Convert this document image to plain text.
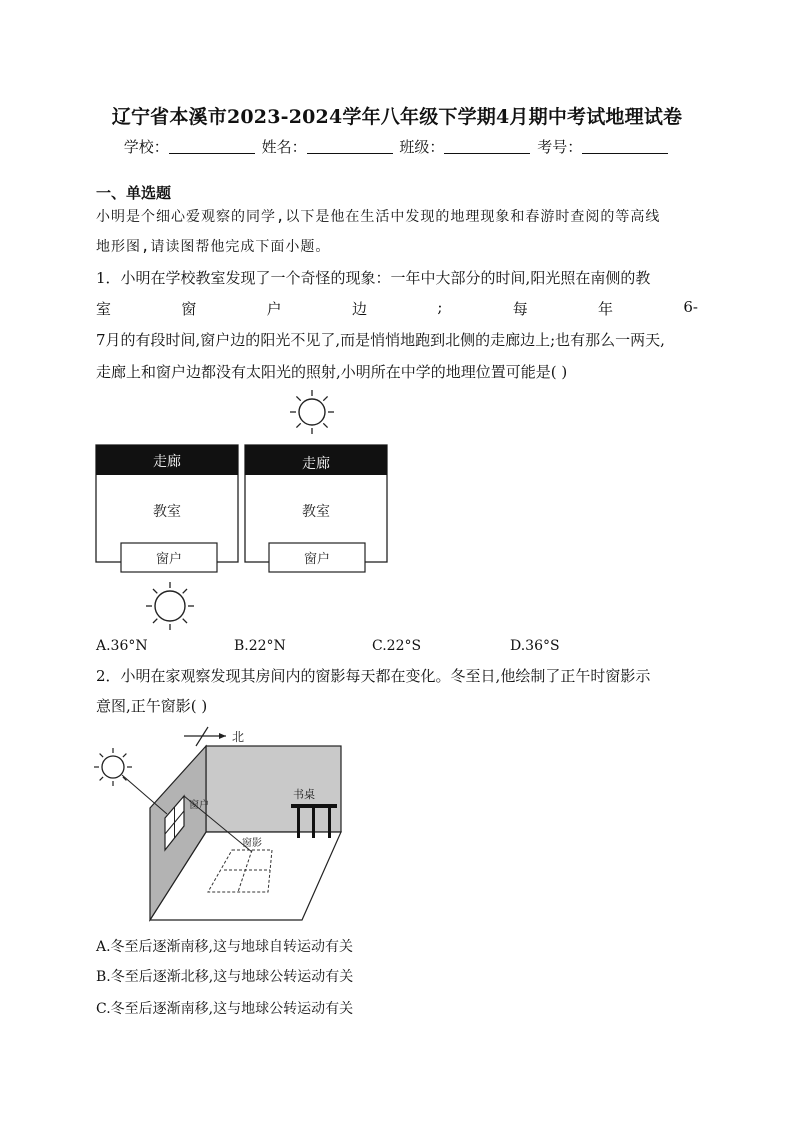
辽宁省本溪市2023-2024学年八年级下学期4月期中考试地理试卷
学校：	姓名：	班级：	考号：
一、单选题
小明是个细心爱观察的同学,以下是他在生活中发现的地理现象和春游时查阅的等高线
地形图,请读图帮他完成下面小题。
1．小明在学校教室发现了一个奇怪的现象：一年中大部分的时间,阳光照在南侧的教
室	窗	户	边	;	每	年	6-
7月的有段时间,窗户边的阳光不见了,而是悄悄地跑到北侧的走廊边上;也有那么一两天,
走廊上和窗户边都没有太阳光的照射,小明所在中学的地理位置可能是( )
走廊
教室
窗户
走廊
教室
窗户
A.36°N	B.22°N	C.22°S	D.36°S
2．小明在家观察发现其房间内的窗影每天都在变化。冬至日,他绘制了正午时窗影示
意图,正午窗影( )
北
窗户
窗影
书桌
A.冬至后逐渐南移,这与地球自转运动有关
B.冬至后逐渐北移,这与地球公转运动有关
C.冬至后逐渐南移,这与地球公转运动有关
